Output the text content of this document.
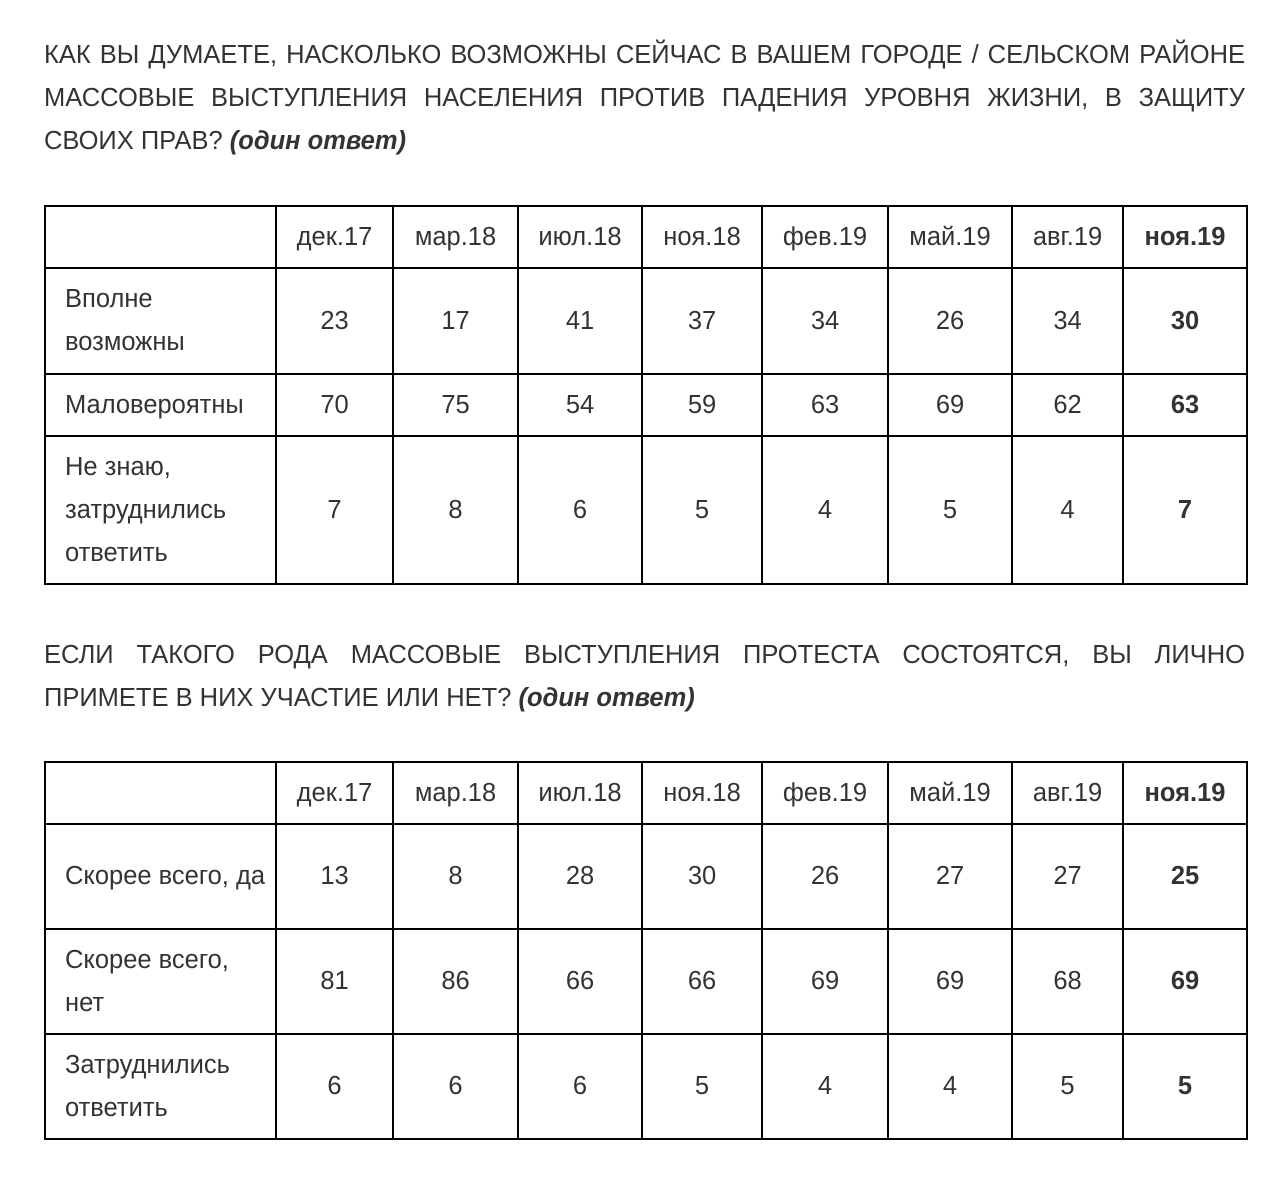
КАК ВЫ ДУМАЕТЕ, НАСКОЛЬКО ВОЗМОЖНЫ СЕЙЧАС В ВАШЕМ ГОРОДЕ / СЕЛЬСКОМ РАЙОНЕ МАССОВЫЕ ВЫСТУПЛЕНИЯ НАСЕЛЕНИЯ ПРОТИВ ПАДЕНИЯ УРОВНЯ ЖИЗНИ, В ЗАЩИТУ СВОИХ ПРАВ? (один ответ)

	дек.17	мар.18	июл.18	ноя.18	фев.19	май.19	авг.19	ноя.19
Вполне возможны	23	17	41	37	34	26	34	30
Маловероятны	70	75	54	59	63	69	62	63
Не знаю, затруднились ответить	7	8	6	5	4	5	4	7

ЕСЛИ ТАКОГО РОДА МАССОВЫЕ ВЫСТУПЛЕНИЯ ПРОТЕСТА СОСТОЯТСЯ, ВЫ ЛИЧНО ПРИМЕТЕ В НИХ УЧАСТИЕ ИЛИ НЕТ? (один ответ)

	дек.17	мар.18	июл.18	ноя.18	фев.19	май.19	авг.19	ноя.19
Скорее всего, да	13	8	28	30	26	27	27	25
Скорее всего, нет	81	86	66	66	69	69	68	69
Затруднились ответить	6	6	6	5	4	4	5	5
